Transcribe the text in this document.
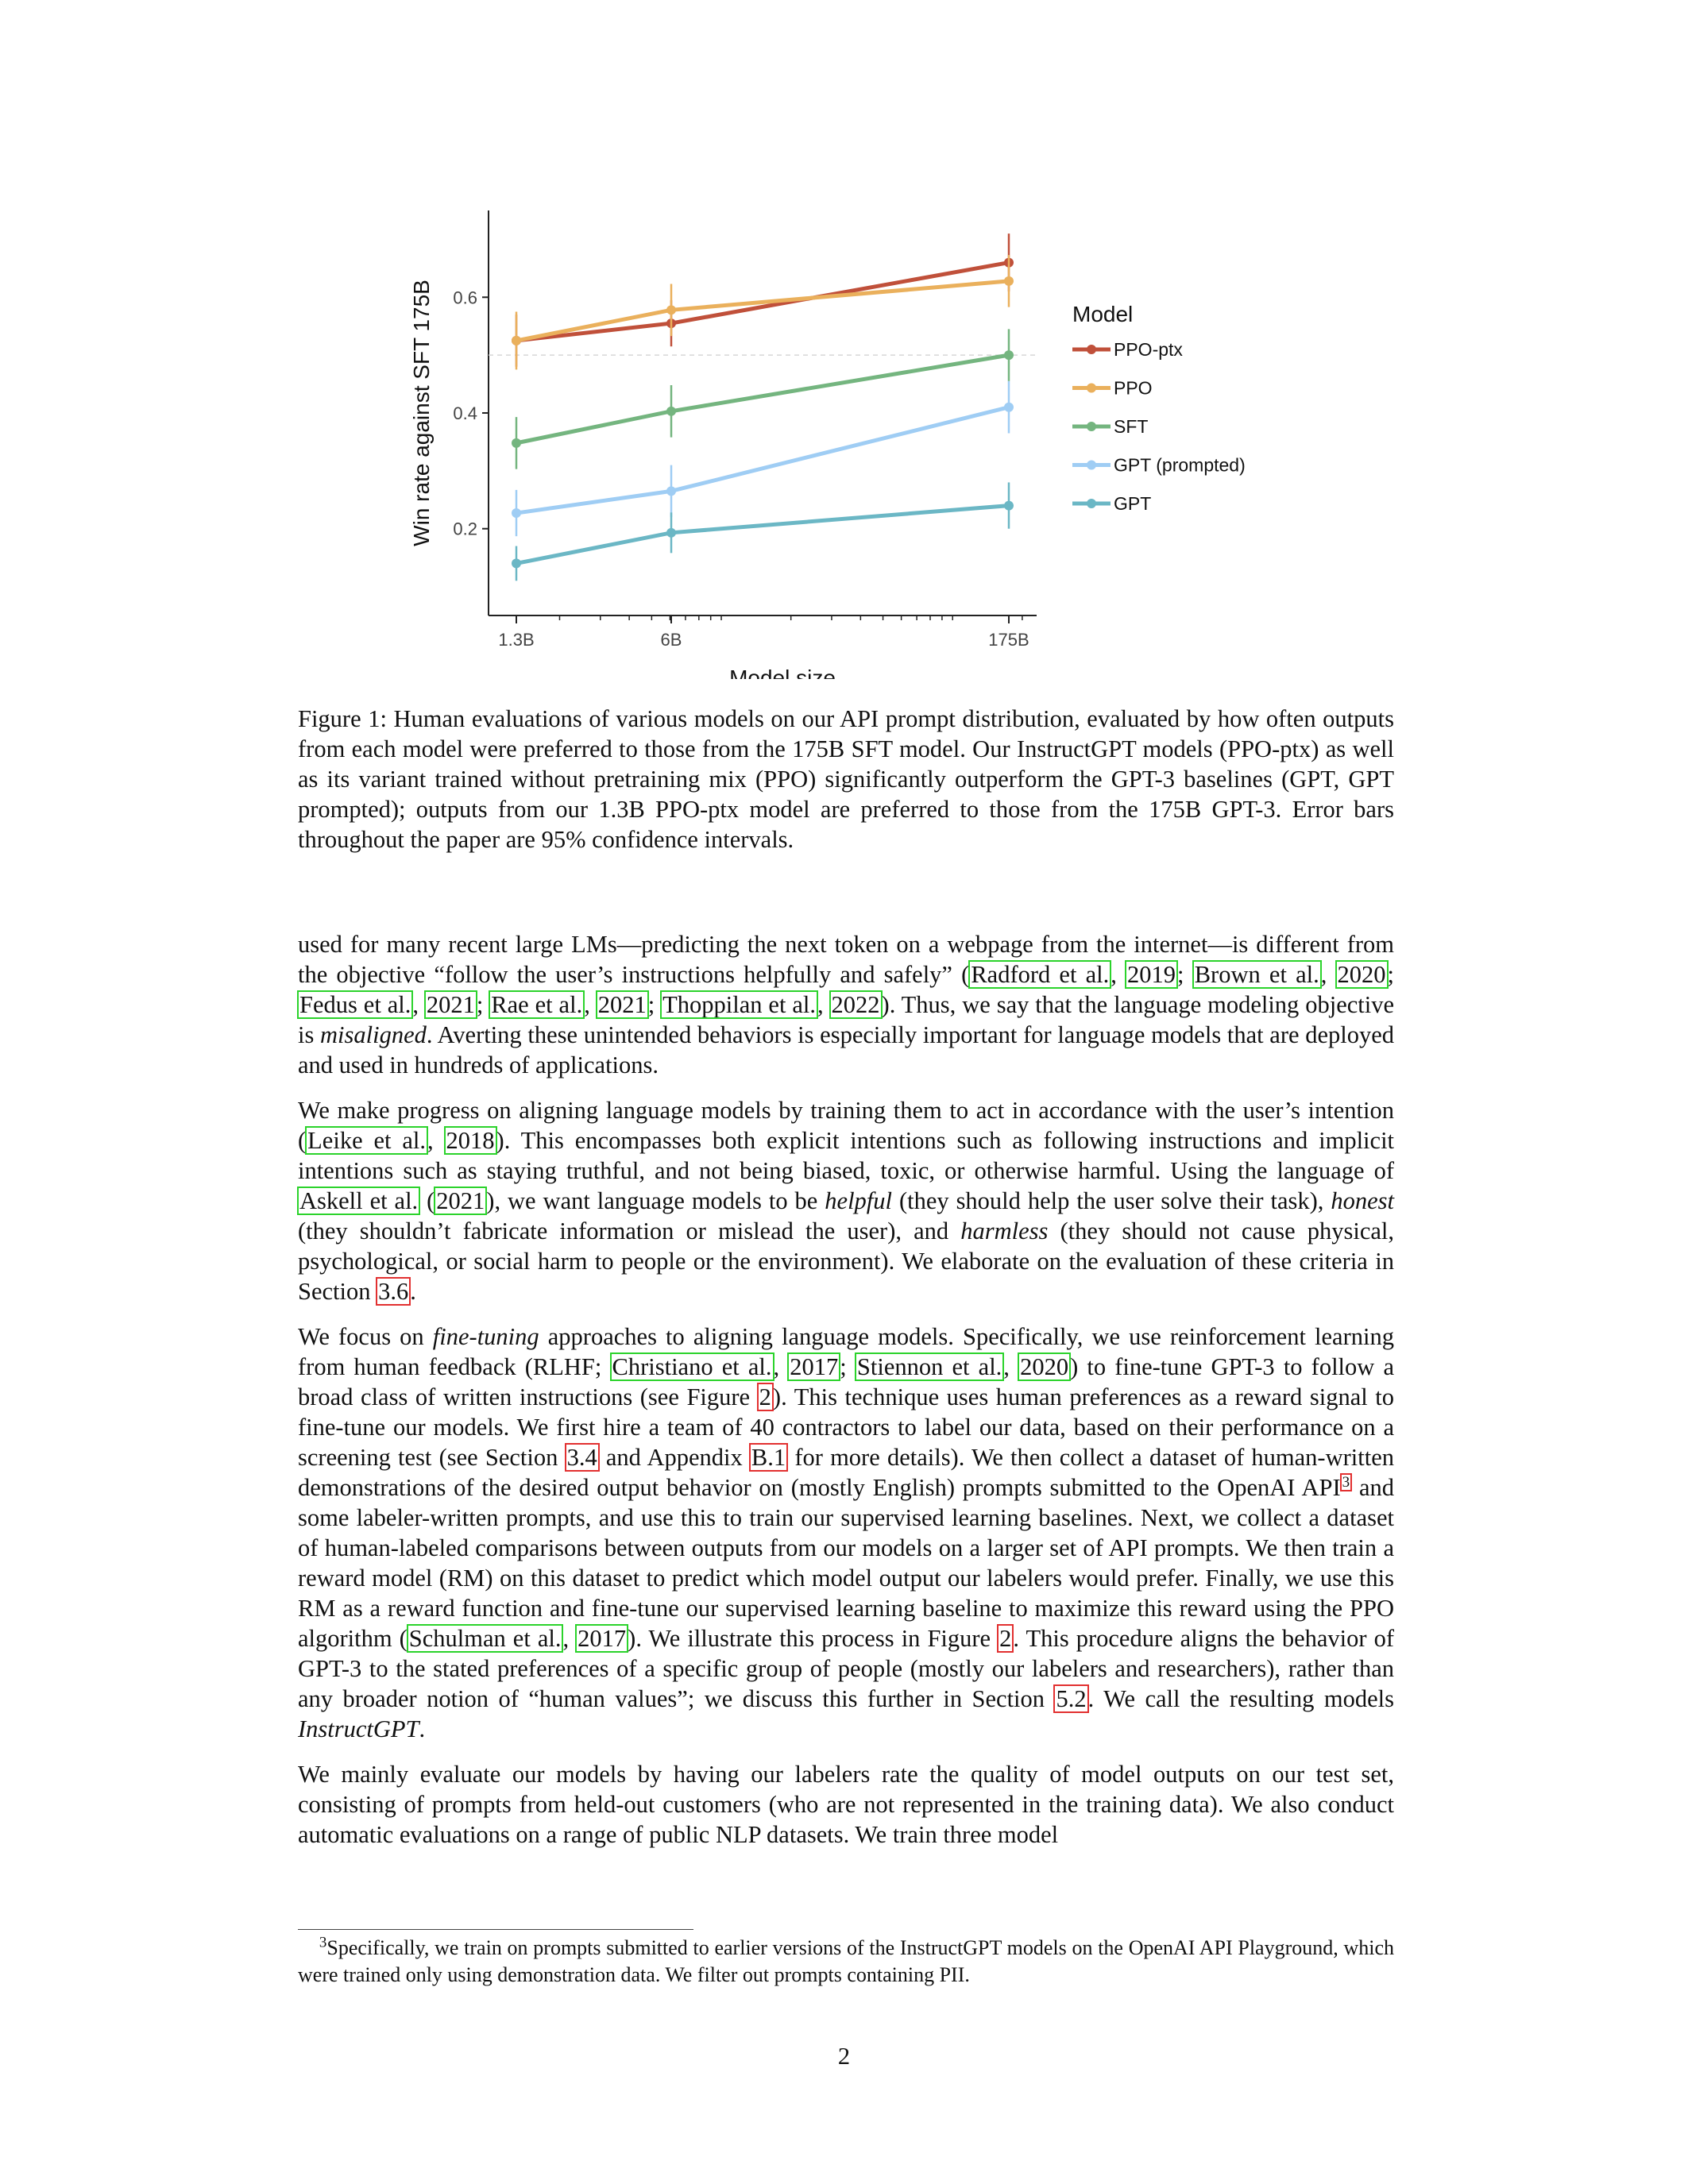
0.2
0.4
0.6
1.3B	6B	175B
Model size
Win rate against SFT 175B	Model
PPO-ptx
PPO
SFT
GPT (prompted)
GPT
Figure 1: Human evaluations of various models on our API prompt distribution, evaluated by how often outputs from each model were preferred to those from the 175B SFT model. Our InstructGPT models (PPO-ptx) as well as its variant trained without pretraining mix (PPO) significantly outperform the GPT-3 baselines (GPT, GPT prompted); outputs from our 1.3B PPO-ptx model are preferred to those from the 175B GPT-3. Error bars throughout the paper are 95% confidence intervals.

used for many recent large LMs—predicting the next token on a webpage from the internet—is different from the objective “follow the user’s instructions helpfully and safely” (Radford et al., 2019; Brown et al., 2020; Fedus et al., 2021; Rae et al., 2021; Thoppilan et al., 2022). Thus, we say that the language modeling objective is misaligned. Averting these unintended behaviors is especially important for language models that are deployed and used in hundreds of applications.

We make progress on aligning language models by training them to act in accordance with the user’s intention (Leike et al., 2018). This encompasses both explicit intentions such as following instructions and implicit intentions such as staying truthful, and not being biased, toxic, or otherwise harmful. Using the language of Askell et al. (2021), we want language models to be helpful (they should help the user solve their task), honest (they shouldn’t fabricate information or mislead the user), and harmless (they should not cause physical, psychological, or social harm to people or the environment). We elaborate on the evaluation of these criteria in Section 3.6.

We focus on fine-tuning approaches to aligning language models. Specifically, we use reinforcement learning from human feedback (RLHF; Christiano et al., 2017; Stiennon et al., 2020) to fine-tune GPT-3 to follow a broad class of written instructions (see Figure 2). This technique uses human preferences as a reward signal to fine-tune our models. We first hire a team of 40 contractors to label our data, based on their performance on a screening test (see Section 3.4 and Appendix B.1 for more details). We then collect a dataset of human-written demonstrations of the desired output behavior on (mostly English) prompts submitted to the OpenAI API $^3$ and some labeler-written prompts, and use this to train our supervised learning baselines. Next, we collect a dataset of human-labeled comparisons between outputs from our models on a larger set of API prompts. We then train a reward model (RM) on this dataset to predict which model output our labelers would prefer. Finally, we use this RM as a reward function and fine-tune our supervised learning baseline to maximize this reward using the PPO algorithm (Schulman et al., 2017). We illustrate this process in Figure 2. This procedure aligns the behavior of GPT-3 to the stated preferences of a specific group of people (mostly our labelers and researchers), rather than any broader notion of “human values”; we discuss this further in Section 5.2. We call the resulting models InstructGPT.

We mainly evaluate our models by having our labelers rate the quality of model outputs on our test set, consisting of prompts from held-out customers (who are not represented in the training data). We also conduct automatic evaluations on a range of public NLP datasets. We train three model

$^3$Specifically, we train on prompts submitted to earlier versions of the InstructGPT models on the OpenAI API Playground, which were trained only using demonstration data. We filter out prompts containing PII.
2
